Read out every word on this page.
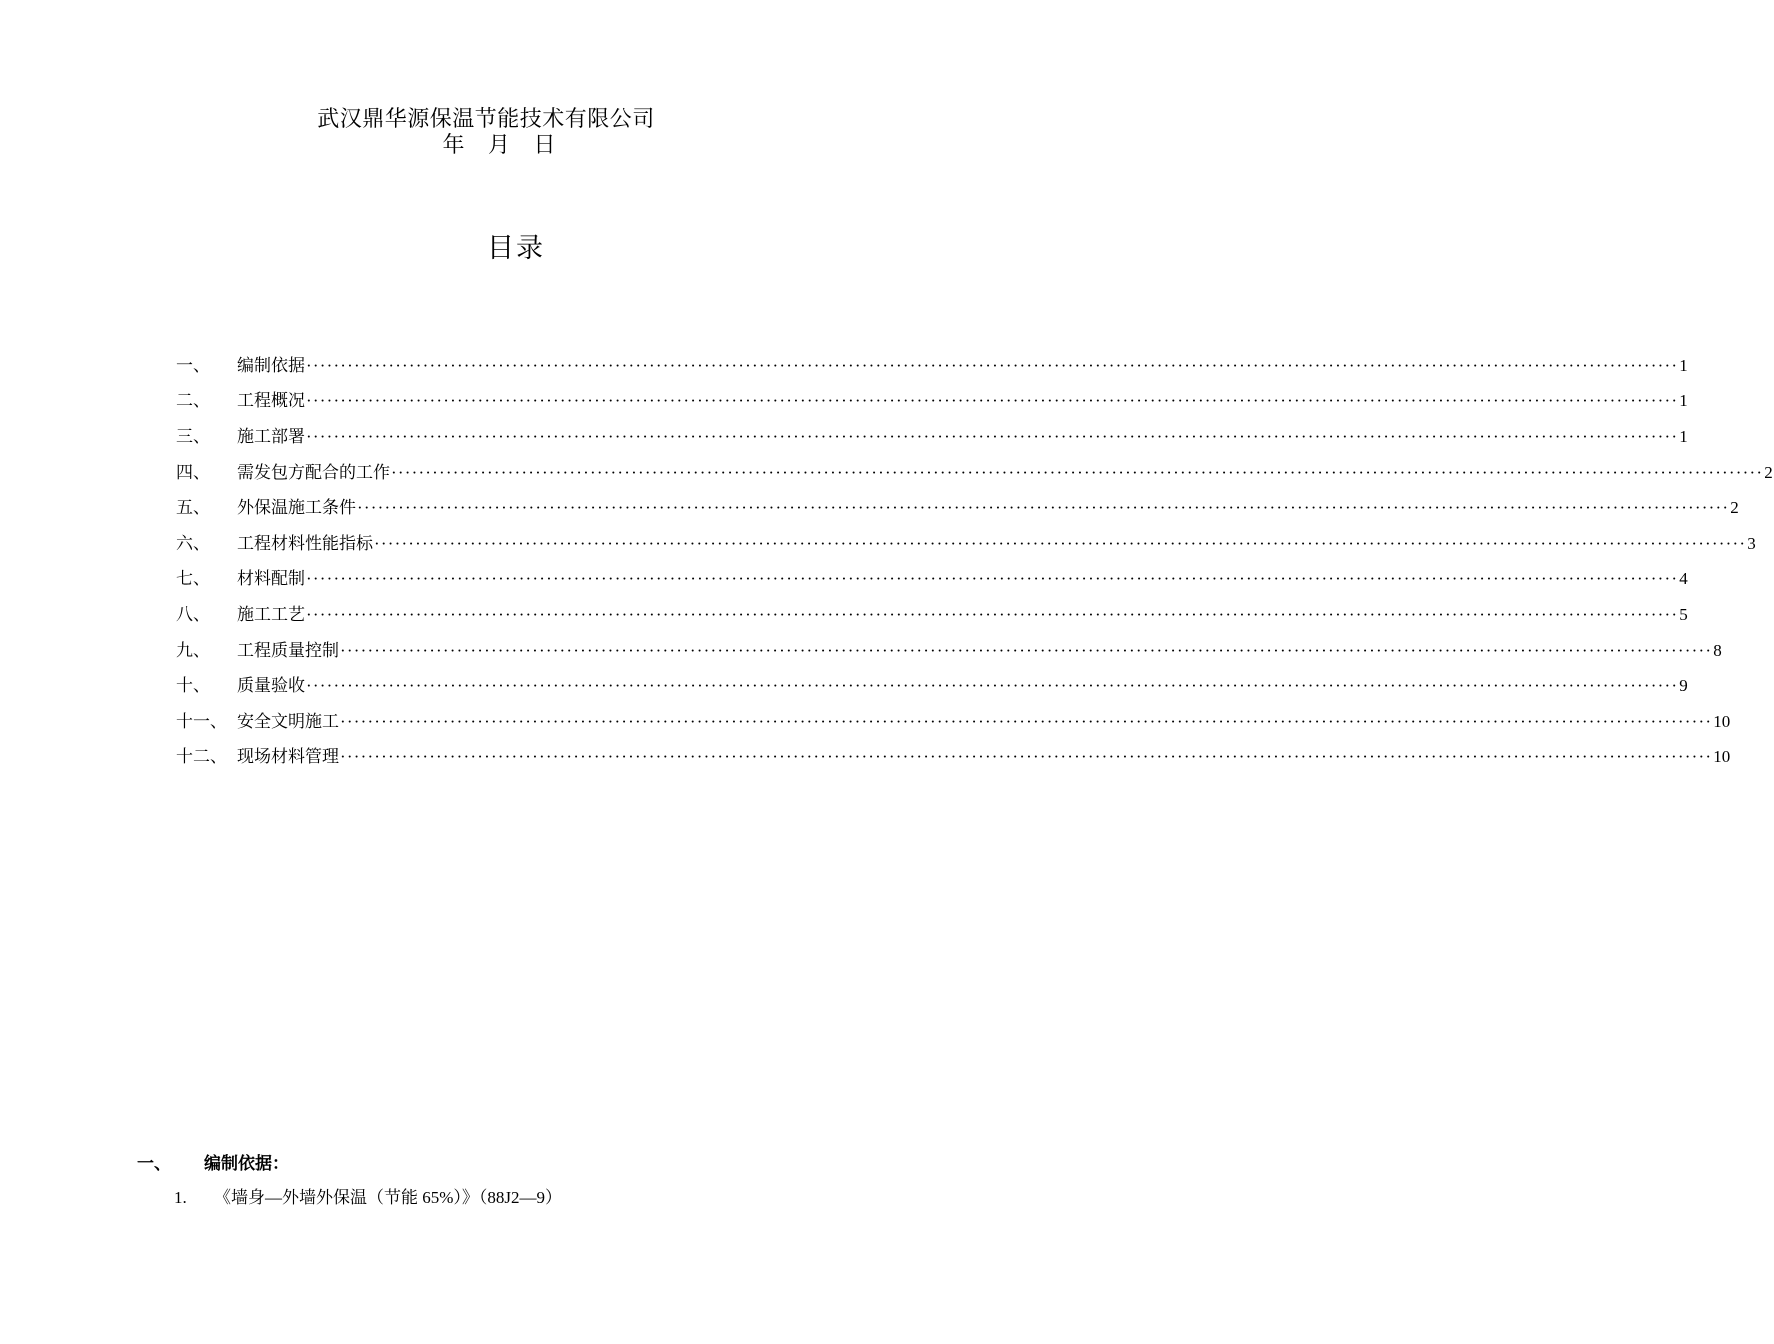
武汉鼎华源保温节能技术有限公司
年 月 日
目录
一、	编制依据 ········································································································································································································ 1
二、	工程概况 ········································································································································································································ 1
三、	施工部署 ········································································································································································································ 1
四、	需发包方配合的工作 ········································································································································································································ 2
五、	外保温施工条件 ········································································································································································································ 2
六、	工程材料性能指标 ········································································································································································································ 3
七、	材料配制 ········································································································································································································ 4
八、	施工工艺 ········································································································································································································ 5
九、	工程质量控制 ········································································································································································································ 8
十、	质量验收 ········································································································································································································ 9
十一、 安全文明施工 ········································································································································································································ 10
十二、 现场材料管理 ········································································································································································································ 10
一、	编制依据：
1.	《墙身—外墙外保温（节能 65%）》（88J2—9）
